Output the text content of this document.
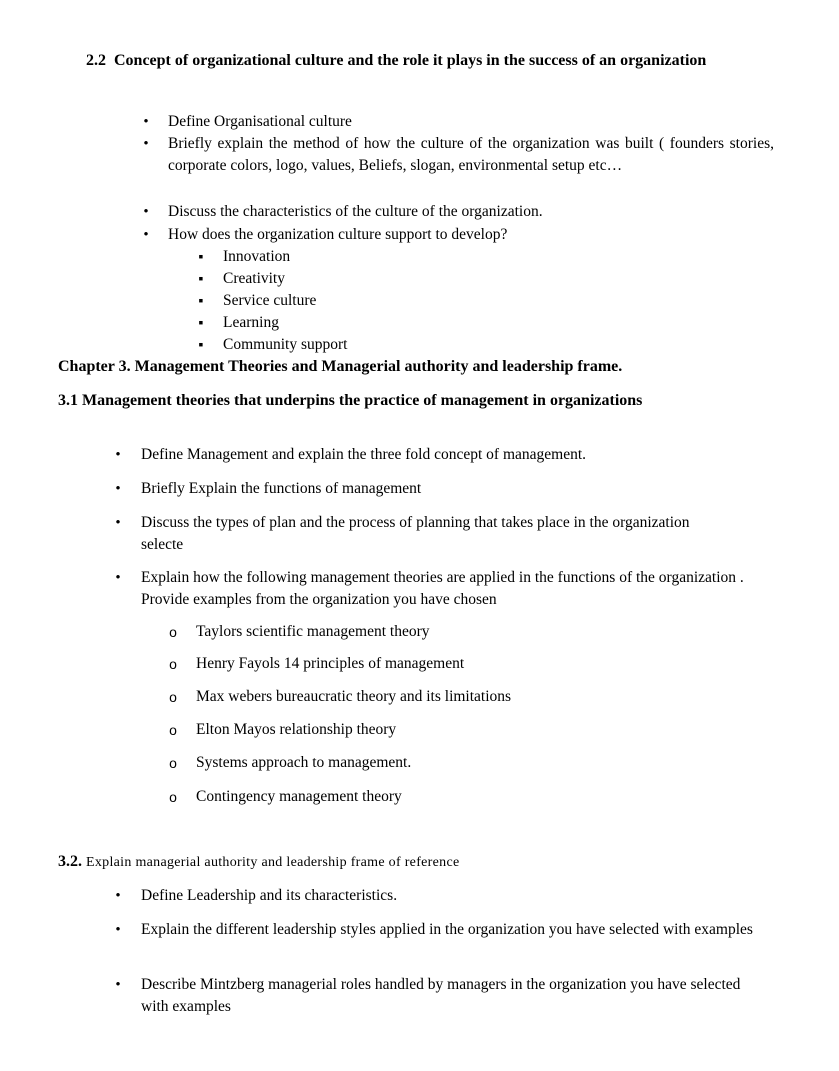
2.2 Concept of organizational culture and the role it plays in the success of an organization
•
Define Organisational culture
•
Briefly explain the method of how the culture of the organization was built ( founders stories, corporate colors, logo, values, Beliefs, slogan, environmental setup etc…
•
Discuss the characteristics of the culture of the organization.
•
How does the organization culture support to develop?
▪
Innovation
▪
Creativity
▪
Service culture
▪
Learning
▪
Community support
Chapter 3. Management Theories and Managerial authority and leadership frame.
3.1 Management theories that underpins the practice of management in organizations
•
Define Management and explain the three fold concept of management.
•
Briefly Explain the functions of management
•
Discuss the types of plan and the process of planning that takes place in the organization selecte
•
Explain how the following management theories are applied in the functions of the organization . Provide examples from the organization you have chosen
o
Taylors scientific management theory
o
Henry Fayols 14 principles of management
o
Max webers bureaucratic theory and its limitations
o
Elton Mayos relationship theory
o
Systems approach to management.
o
Contingency management theory
3.2. Explain managerial authority and leadership frame of reference
•
Define Leadership and its characteristics.
•
Explain the different leadership styles applied in the organization you have selected with examples
•
Describe Mintzberg managerial roles handled by managers in the organization you have selected with examples
